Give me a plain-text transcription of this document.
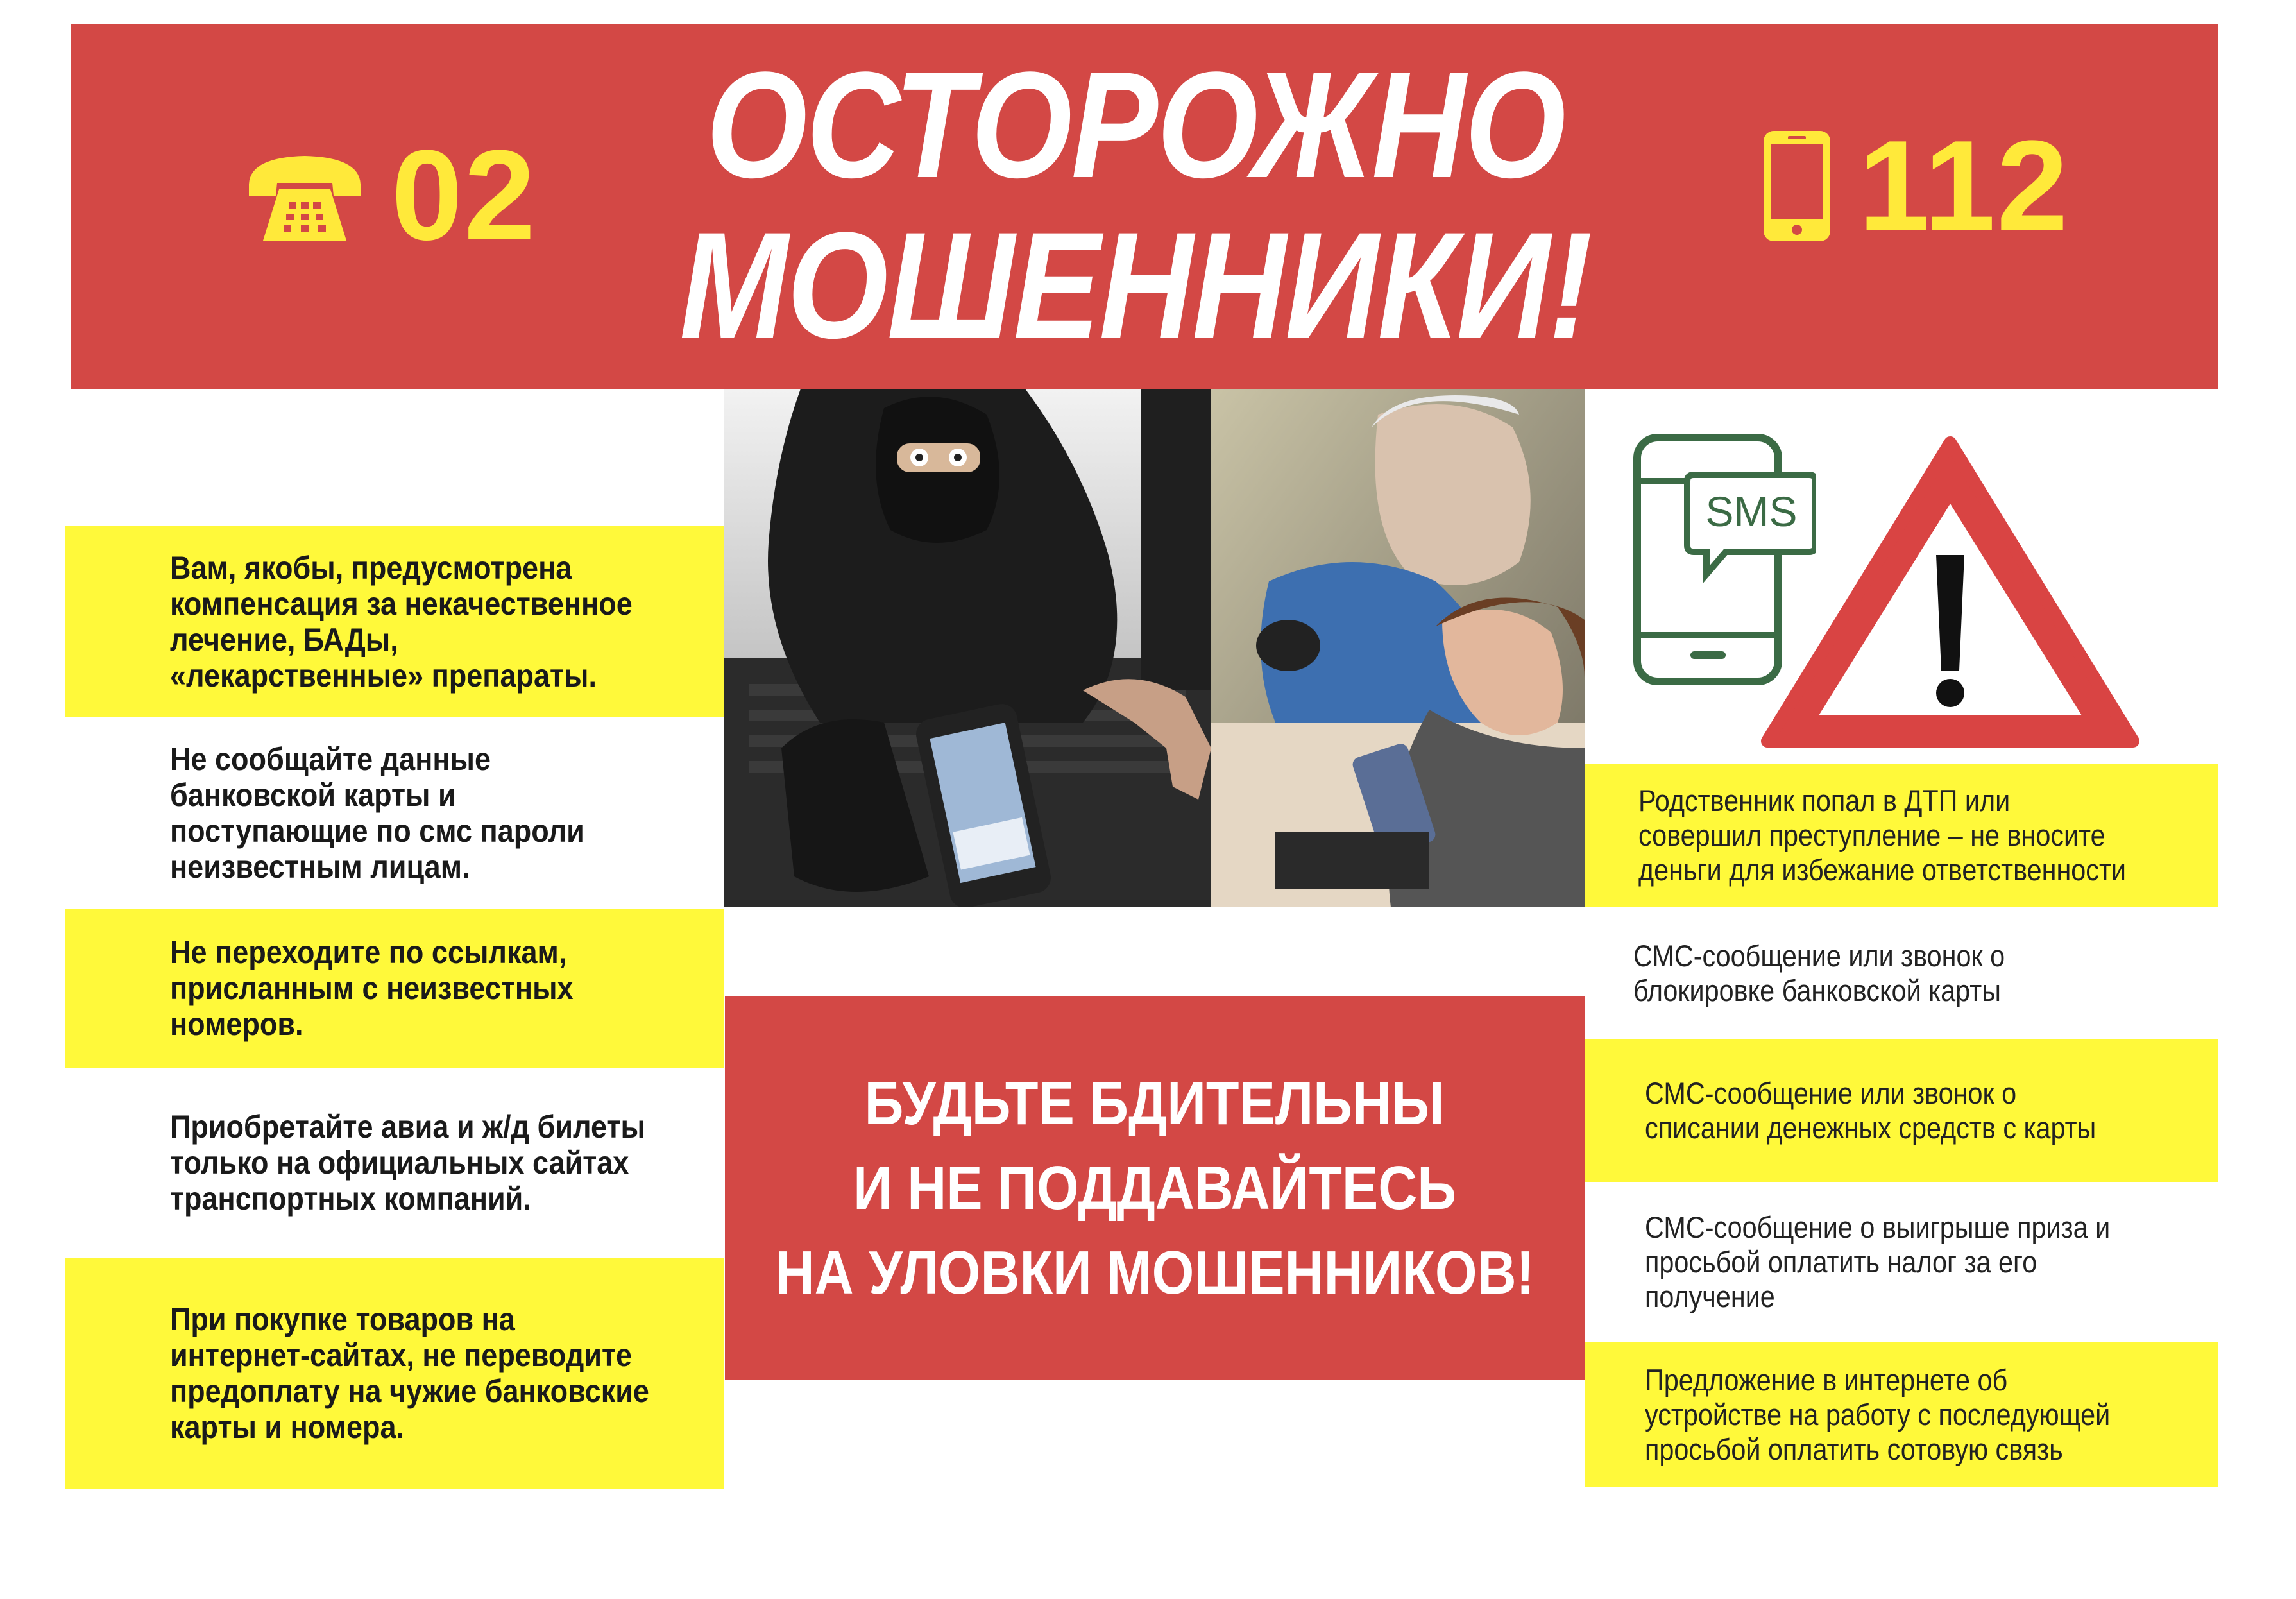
02	ОСТОРОЖНО
МОШЕННИКИ!
112
Вам, якобы, предусмотрена компенсация за некачественное лечение, БАДы, «лекарственные» препараты.
Не сообщайте данные банковской карты и поступающие по смс пароли неизвестным лицам.
Не переходите по ссылкам, присланным с неизвестных номеров.
Приобретайте авиа и ж/д билеты только на официальных сайтах транспортных компаний.
При покупке товаров на интернет-сайтах, не переводите предоплату на чужие банковские карты и номера.
SMS
БУДЬТЕ БДИТЕЛЬНЫ
И НЕ ПОДДАВАЙТЕСЬ
НА УЛОВКИ МОШЕННИКОВ!
Родственник попал в ДТП или совершил преступление – не вносите деньги для избежание ответственности
СМС-сообщение или звонок о блокировке банковской карты
СМС-сообщение или звонок о списании денежных средств с карты
СМС-сообщение о выигрыше приза и просьбой оплатить налог за его получение
Предложение в интернете об устройстве на работу с последующей просьбой оплатить сотовую связь
